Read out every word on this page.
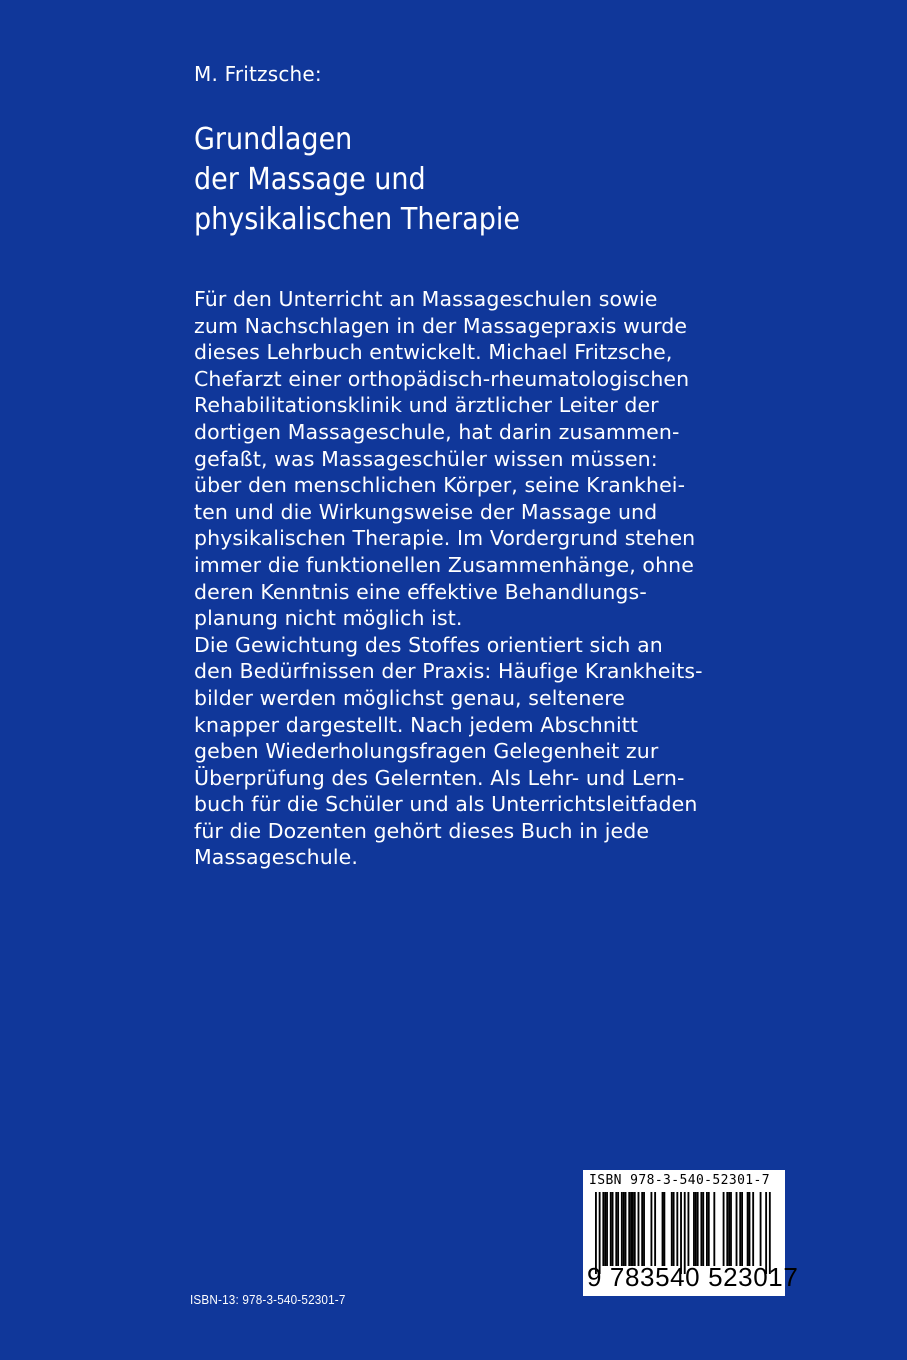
M. Fritzsche:
Grundlagen
der Massage und
physikalischen Therapie

Für den Unterricht an Massageschulen sowie

zum Nachschlagen in der Massagepraxis wurde

dieses Lehrbuch entwickelt. Michael Fritzsche,

Chefarzt einer orthopädisch-rheumatologischen

Rehabilitationsklinik und ärztlicher Leiter der

dortigen Massageschule, hat darin zusammen-

gefaßt, was Massageschüler wissen müssen:

über den menschlichen Körper, seine Krankhei-

ten und die Wirkungsweise der Massage und

physikalischen Therapie. Im Vordergrund stehen

immer die funktionellen Zusammenhänge, ohne

deren Kenntnis eine effektive Behandlungs-

planung nicht möglich ist.

Die Gewichtung des Stoffes orientiert sich an

den Bedürfnissen der Praxis: Häufige Krankheits-

bilder werden möglichst genau, seltenere

knapper dargestellt. Nach jedem Abschnitt

geben Wiederholungsfragen Gelegenheit zur

Überprüfung des Gelernten. Als Lehr- und Lern-

buch für die Schüler und als Unterrichtsleitfaden

für die Dozenten gehört dieses Buch in jede

Massageschule.

ISBN-13: 978-3-540-52301-7
ISBN 978-3-540-52301-7
9 783540 523017
